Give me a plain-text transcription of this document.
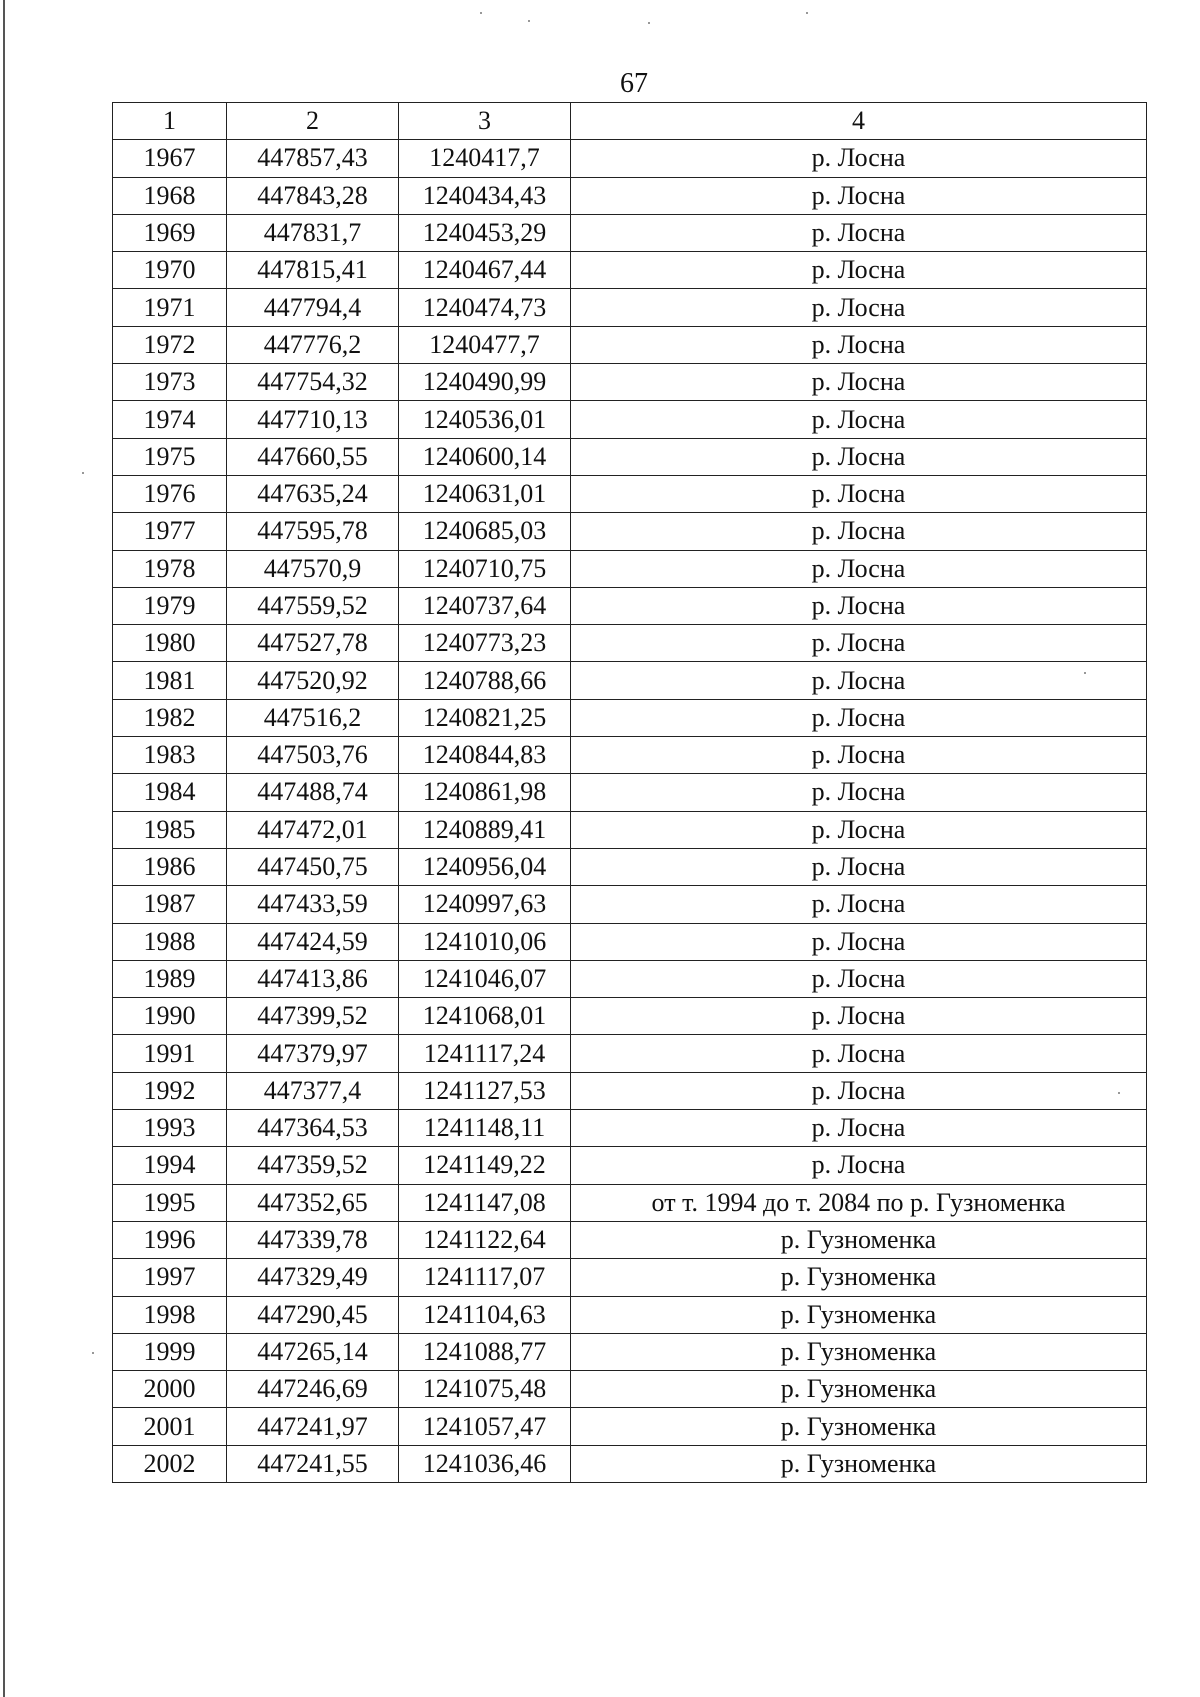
67
1	2	3	4
1967	447857,43	1240417,7	р. Лосна
1968	447843,28	1240434,43	р. Лосна
1969	447831,7	1240453,29	р. Лосна
1970	447815,41	1240467,44	р. Лосна
1971	447794,4	1240474,73	р. Лосна
1972	447776,2	1240477,7	р. Лосна
1973	447754,32	1240490,99	р. Лосна
1974	447710,13	1240536,01	р. Лосна
1975	447660,55	1240600,14	р. Лосна
1976	447635,24	1240631,01	р. Лосна
1977	447595,78	1240685,03	р. Лосна
1978	447570,9	1240710,75	р. Лосна
1979	447559,52	1240737,64	р. Лосна
1980	447527,78	1240773,23	р. Лосна
1981	447520,92	1240788,66	р. Лосна
1982	447516,2	1240821,25	р. Лосна
1983	447503,76	1240844,83	р. Лосна
1984	447488,74	1240861,98	р. Лосна
1985	447472,01	1240889,41	р. Лосна
1986	447450,75	1240956,04	р. Лосна
1987	447433,59	1240997,63	р. Лосна
1988	447424,59	1241010,06	р. Лосна
1989	447413,86	1241046,07	р. Лосна
1990	447399,52	1241068,01	р. Лосна
1991	447379,97	1241117,24	р. Лосна
1992	447377,4	1241127,53	р. Лосна
1993	447364,53	1241148,11	р. Лосна
1994	447359,52	1241149,22	р. Лосна
1995	447352,65	1241147,08	от т. 1994 до т. 2084 по р. Гузноменка
1996	447339,78	1241122,64	р. Гузноменка
1997	447329,49	1241117,07	р. Гузноменка
1998	447290,45	1241104,63	р. Гузноменка
1999	447265,14	1241088,77	р. Гузноменка
2000	447246,69	1241075,48	р. Гузноменка
2001	447241,97	1241057,47	р. Гузноменка
2002	447241,55	1241036,46	р. Гузноменка
